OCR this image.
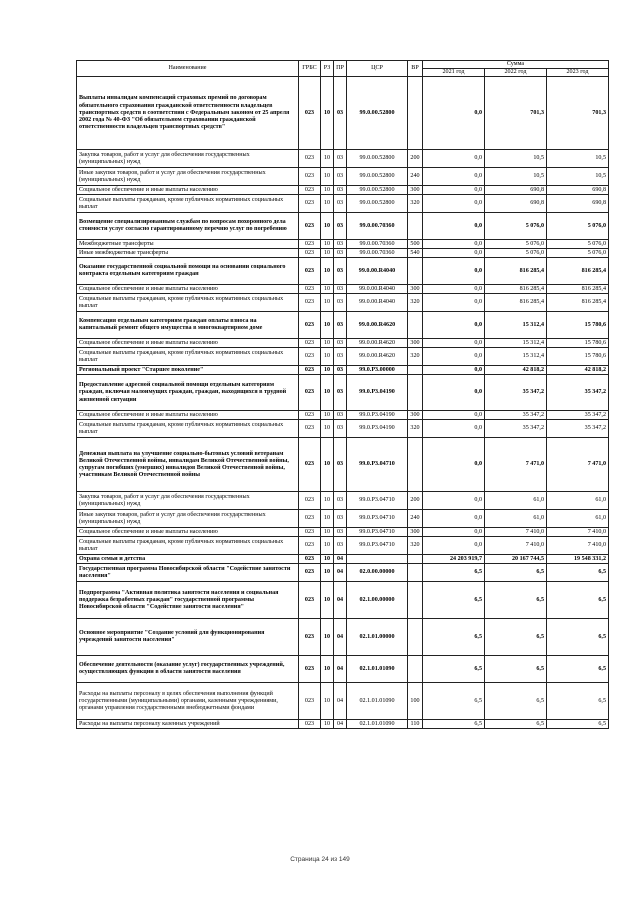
Наименование	ГРБС	РЗ	ПР	ЦСР	ВР	Сумма		
						2021 год	2022 год	2023 год
Выплаты инвалидам компенсаций страховых премий по договорам обязательного страхования гражданской ответственности владельцев транспортных средств в соответствии с Федеральным законом от 25 апреля 2002 года № 40-ФЗ "Об обязательном страховании гражданской ответственности владельцев транспортных средств"	023	10	03	99.0.00.52800		0,0	701,3	701,3
Закупка товаров, работ и услуг для обеспечения государственных (муниципальных) нужд	023	10	03	99.0.00.52800	200	0,0	10,5	10,5
Иные закупки товаров, работ и услуг для обеспечения государственных (муниципальных) нужд	023	10	03	99.0.00.52800	240	0,0	10,5	10,5
Социальное обеспечение и иные выплаты населению	023	10	03	99.0.00.52800	300	0,0	690,8	690,8
Социальные выплаты гражданам, кроме публичных нормативных социальных выплат	023	10	03	99.0.00.52800	320	0,0	690,8	690,8
Возмещение специализированным службам по вопросам похоронного дела стоимости услуг согласно гарантированному перечню услуг по погребению	023	10	03	99.0.00.70360		0,0	5 076,0	5 076,0
Межбюджетные трансферты	023	10	03	99.0.00.70360	500	0,0	5 076,0	5 076,0
Иные межбюджетные трансферты	023	10	03	99.0.00.70360	540	0,0	5 076,0	5 076,0
Оказание государственной социальной помощи на основании социального контракта отдельным категориям граждан	023	10	03	99.0.00.R4040		0,0	816 285,4	816 285,4
Социальное обеспечение и иные выплаты населению	023	10	03	99.0.00.R4040	300	0,0	816 285,4	816 285,4
Социальные выплаты гражданам, кроме публичных нормативных социальных выплат	023	10	03	99.0.00.R4040	320	0,0	816 285,4	816 285,4
Компенсация отдельным категориям граждан оплаты взноса на капитальный ремонт общего имущества в многоквартирном доме	023	10	03	99.0.00.R4620		0,0	15 312,4	15 780,6
Социальное обеспечение и иные выплаты населению	023	10	03	99.0.00.R4620	300	0,0	15 312,4	15 780,6
Социальные выплаты гражданам, кроме публичных нормативных социальных выплат	023	10	03	99.0.00.R4620	320	0,0	15 312,4	15 780,6
Региональный проект "Старшее поколение"	023	10	03	99.0.P3.00000		0,0	42 818,2	42 818,2
Предоставление адресной социальной помощи отдельным категориям граждан, включая малоимущих граждан, граждан, находящихся в трудной жизненной ситуации	023	10	03	99.0.P3.04190		0,0	35 347,2	35 347,2
Социальное обеспечение и иные выплаты населению	023	10	03	99.0.P3.04190	300	0,0	35 347,2	35 347,2
Социальные выплаты гражданам, кроме публичных нормативных социальных выплат	023	10	03	99.0.P3.04190	320	0,0	35 347,2	35 347,2
Денежная выплата на улучшение социально-бытовых условий ветеранам Великой Отечественной войны, инвалидам Великой Отечественной войны, супругам погибших (умерших) инвалидов Великой Отечественной войны, участникам Великой Отечественной войны	023	10	03	99.0.P3.04710		0,0	7 471,0	7 471,0
Закупка товаров, работ и услуг для обеспечения государственных (муниципальных) нужд	023	10	03	99.0.P3.04710	200	0,0	61,0	61,0
Иные закупки товаров, работ и услуг для обеспечения государственных (муниципальных) нужд	023	10	03	99.0.P3.04710	240	0,0	61,0	61,0
Социальное обеспечение и иные выплаты населению	023	10	03	99.0.P3.04710	300	0,0	7 410,0	7 410,0
Социальные выплаты гражданам, кроме публичных нормативных социальных выплат	023	10	03	99.0.P3.04710	320	0,0	7 410,0	7 410,0
Охрана семьи и детства	023	10	04			24 203 919,7	20 167 744,5	19 548 331,2
Государственная программа Новосибирской области "Содействие занятости населения"	023	10	04	02.0.00.00000		6,5	6,5	6,5
Подпрограмма "Активная политика занятости населения и социальная поддержка безработных граждан" государственной программы Новосибирской области "Содействие занятости населения"	023	10	04	02.1.00.00000		6,5	6,5	6,5
Основное мероприятие "Создание условий для функционирования учреждений занятости населения"	023	10	04	02.1.01.00000		6,5	6,5	6,5
Обеспечение деятельности (оказание услуг) государственных учреждений, осуществляющих функции в области занятости населения	023	10	04	02.1.01.01090		6,5	6,5	6,5
Расходы на выплаты персоналу в целях обеспечения выполнения функций государственными (муниципальными) органами, казенными учреждениями, органами управления государственными внебюджетными фондами	023	10	04	02.1.01.01090	100	6,5	6,5	6,5
Расходы на выплаты персоналу казенных учреждений	023	10	04	02.1.01.01090	110	6,5	6,5	6,5
Страница 24 из 149
